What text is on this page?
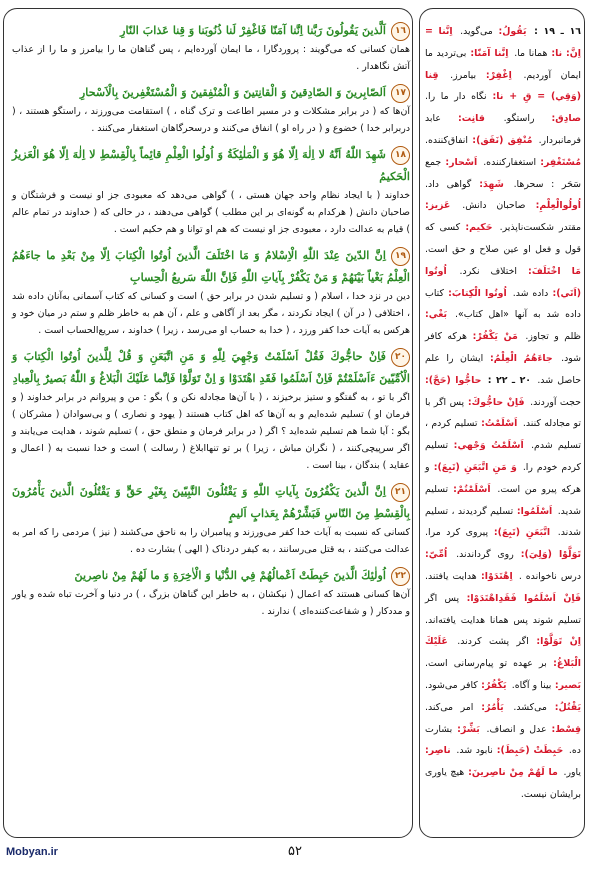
١٦اَلَّذينَ يَقُولُونَ رَبَّنا اِنَّنا آمَنّا فَاغْفِرْ لَنا ذُنُوبَنا وَ قِنا عَذابَ النّارِ
همان کسانی که می‌گویند : پروردگارا ، ما ایمان آورده‌ایم ، پس گناهان ما را بیامرز و ما را از عذاب آتش نگاهدار .
١٧اَلصّابِرينَ وَ الصّادِقينَ وَ الْقانِتينَ وَ الْمُنْفِقينَ وَ الْمُسْتَغْفِرينَ بِالْاَسْحارِ
آن‌ها که ( در برابر مشکلات و در مسیر اطاعت و ترک گناه ، ) استقامت می‌ورزند ، راستگو هستند ، ( دربرابر خدا ) خضوع و ( در راه او ) انفاق می‌کنند و درسحرگاهان استغفار می‌کنند .
١٨شَهِدَ اللّٰهُ اَنَّهُ لا اِلٰهَ اِلّا هُوَ وَ الْمَلٰئِكَةُ وَ اُولُوا الْعِلْمِ قائِماً بِالْقِسْطِ لا اِلٰهَ اِلّا هُوَ الْعَزيزُ الْحَكيمُ
خداوند ( با ایجاد نظام واحد جهان هستی ، ) گواهی می‌دهد که معبودی جز او نیست و فرشتگان و صاحبان دانش ( هرکدام به گونه‌ای بر این مطلب ) گواهی می‌دهند ، در حالی که ( خداوند در تمام عالم ) قیام به عدالت دارد ، معبودی جز او نیست که هم او توانا و هم حکیم است .
١٩اِنَّ الدّينَ عِنْدَ اللّٰهِ الْاِسْلامُ وَ مَا اخْتَلَفَ الَّذينَ اُوتُوا الْكِتابَ اِلّا مِنْ بَعْدِ ما جاءَهُمُ الْعِلْمُ بَغْياً بَيْنَهُمْ وَ مَنْ يَكْفُرْ بِآياتِ اللّٰهِ فَاِنَّ اللّٰهَ سَريعُ الْحِسابِ
دین در نزد خدا ، اسلام ( و تسلیم شدن در برابر حق ) است و کسانی که کتاب آسمانی به‌آنان داده شد ، اختلافی ( در آن ) ایجاد نکردند ، مگر بعد از آگاهی و علم ، آن هم به خاطر ظلم و ستم در میان خود و هرکس به آیات خدا کفر ورزد ، ( خدا به حساب او می‌رسد ، زیرا ) خداوند ، سریع‌الحساب است .
٢٠فَاِنْ حاجُّوكَ فَقُلْ اَسْلَمْتُ وَجْهِيَ لِلّٰهِ وَ مَنِ اتَّبَعَنِ وَ قُلْ لِلَّذينَ اُوتُوا الْكِتابَ وَ الْاُمِّيّينَ ءَاَسْلَمْتُمْ فَاِنْ اَسْلَمُوا فَقَدِ اهْتَدَوْا وَ اِنْ تَوَلَّوْا فَاِنَّما عَلَيْكَ الْبَلاغُ وَ اللّٰهُ بَصيرٌ بِالْعِبادِ
اگر با تو ، به گفتگو و ستیز برخیزند ، ( با آن‌ها مجادله نکن و ) بگو : من و پیروانم در برابر خداوند ( و فرمان او ) تسلیم شده‌ایم و به آن‌ها که اهل کتاب هستند ( یهود و نصاری ) و بی‌سوادان ( مشرکان ) بگو : آیا شما هم تسلیم شده‌اید ؟ اگر ( در برابر فرمان و منطق حق ، ) تسلیم شوند ، هدایت می‌یابند و اگر سرپیچی‌کنند ، ( نگران مباش ، زیرا ) بر تو تنهاابلاغ ( رسالت ) است و خدا نسبت به ( اعمال و عقاید ) بندگان ، بینا است .
٢١اِنَّ الَّذينَ يَكْفُرُونَ بِآياتِ اللّٰهِ وَ يَقْتُلُونَ النَّبِيّينَ بِغَيْرِ حَقٍّ وَ يَقْتُلُونَ الَّذينَ يَأْمُرُونَ بِالْقِسْطِ مِنَ النّاسِ فَبَشِّرْهُمْ بِعَذابٍ اَليمٍ
کسانی که نسبت به آیات خدا کفر می‌ورزند و پیامبران را به ناحق می‌کشند ( نیز ) مردمی را که امر به عدالت می‌کنند ، به قتل می‌رسانند ، به کیفر دردناک ( الهی ) بشارت ده .
٢٢اُولٰئِكَ الَّذينَ حَبِطَتْ اَعْمالُهُمْ فِي الدُّنْيا وَ الْاٰخِرَةِ وَ ما لَهُمْ مِنْ ناصِرينَ
آن‌ها کسانی هستند که اعمال ( نیکشان ، به خاطر این گناهان بزرگ ، ) در دنیا و آخرت تباه شده و یاور و مددکار ( و شفاعت‌کننده‌ای ) ندارند .
١٦ ـ ١٩ : يَقُولُ: می‌گوید. اِنَّنا = اِنَّ: نا: همانا ما. اِنَّنا آمَنّا: بی‌تردید ما ایمان آوردیم. اِغْفِرْ: بیامرز. قِنا (وَقِي) = قِ + نا: نگاه دار ما را. صادِق: راستگو. قانِت: عابد فرمانبردار. مُنْفِق (نَفَق): انفاق‌کننده. مُسْتَغْفِر: استغفارکننده. اَسْحار: جمع سَحَر : سحرها. شَهِدَ: گواهی داد. اُولُوالْعِلْمِ: صاحبان دانش. عَزيز: مقتدر شکست‌ناپذیر. حَكيم: کسی که قول و فعل او عین صلاح و حق است. مَا اخْتَلَفَ: اختلاف نکرد. اُوتُوا (اَتَي): داده شد. اُوتُوا الْكِتابَ: کتاب داده شد به آنها «اهل کتاب». بَغْي: ظلم و تجاوز. مَنْ يَكْفُرْ: هرکه کافر شود. جاءَهُمُ الْعِلْمُ: ایشان را علم حاصل شد. ٢٠ ـ ٢٢ : حاجُّوا (حَجَّ): حجت آوردند. فَاِنْ حاجُّوكَ: پس اگر با تو مجادله کنند. اَسْلَمْتُ: تسلیم کردم ، تسلیم شدم. اَسْلَمْتُ وَجْهي: تسلیم کردم خودم را. وَ مَنِ اتَّبَعَنِ (تَبِعَ): و هرکه پیرو من است. اَسْلَمْتُمْ: تسلیم شدید. اَسْلَمُوا: تسلیم گردیدند ، تسلیم شدند. اتَّبَعَنِ (تَبِعَ): پیروی کرد مرا. تَوَلَّوْا (وَلِيَ): روی گرداندند. اُمِّيّ: درس ناخوانده . اِهْتَدَوْا: هدایت یافتند. فَاِنْ اَسْلَمُوا فَقَدِاهْتَدَوْا: پس اگر تسلیم شوند پس همانا هدایت یافته‌اند. اِنْ تَوَلَّوْا: اگر پشت کردند. عَلَيْكَ الْبَلاغُ: بر عهده تو پیام‌رسانی است. بَصير: بینا و آگاه. يَكْفُرُ: کافر می‌شود. يَقْتُلُ: می‌کشد. يَأْمُرُ: امر می‌کند. قِسْط: عدل و انصاف. بَشِّرْ: بشارت ده. حَبِطَتْ (حَبِطَ): نابود شد. ناصِر: یاور. ما لَهُمْ مِنْ ناصِرينَ: هیچ یاوری برایشان نیست.
Mobyan.ir	۵۲
